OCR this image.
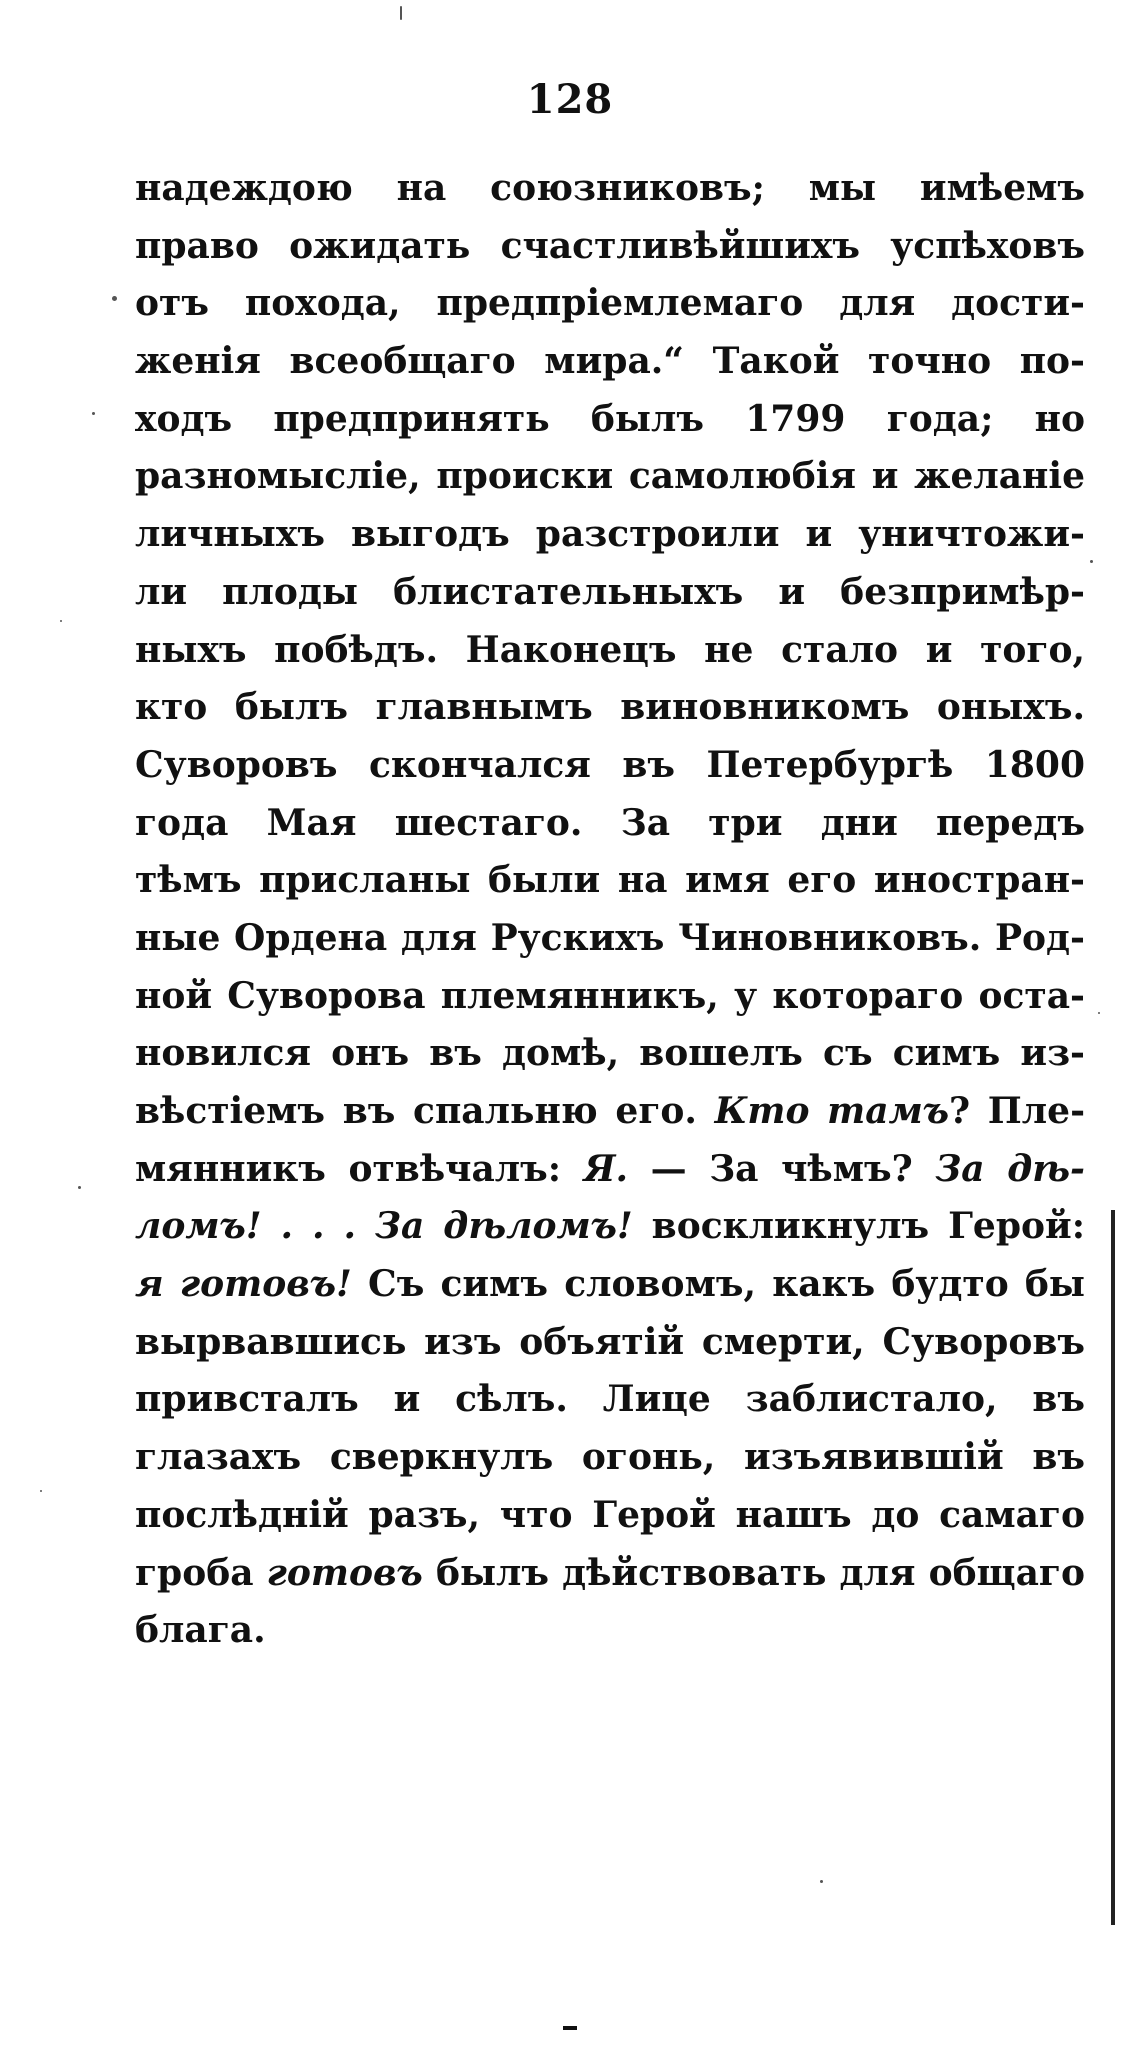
128
надеждою на союзниковъ; мы имѣемъ
право ожидать счастливѣйшихъ успѣховъ
отъ похода, предпріемлемаго для дости-
женія всеобщаго мира.“ Такой точно по-
ходъ предпринять былъ 1799 года; но
разномысліе, происки самолюбія и желаніе
личныхъ выгодъ разстроили и уничтожи-
ли плоды блистательныхъ и безпримѣр-
ныхъ побѣдъ. Наконецъ не стало и того,
кто былъ главнымъ виновникомъ оныхъ.
Суворовъ скончался въ Петербургѣ 1800
года Мая шестаго. За три дни передъ
тѣмъ присланы были на имя его иностран-
ные Ордена для Рускихъ Чиновниковъ. Род-
ной Суворова племянникъ, у котораго оста-
новился онъ въ домѣ, вошелъ съ симъ из-
вѣстіемъ въ спальню его. Кто тамъ? Пле-
мянникъ отвѣчалъ: Я. — За чѣмъ? За дѣ-
ломъ! . . . За дѣломъ! воскликнулъ Герой:
я готовъ! Съ симъ словомъ, какъ будто бы
вырвавшись изъ объятій смерти, Суворовъ
привсталъ и сѣлъ. Лице заблистало, въ
глазахъ сверкнулъ огонь, изъявившій въ
послѣдній разъ, что Герой нашъ до самаго
гроба готовъ былъ дѣйствовать для общаго
блага.
